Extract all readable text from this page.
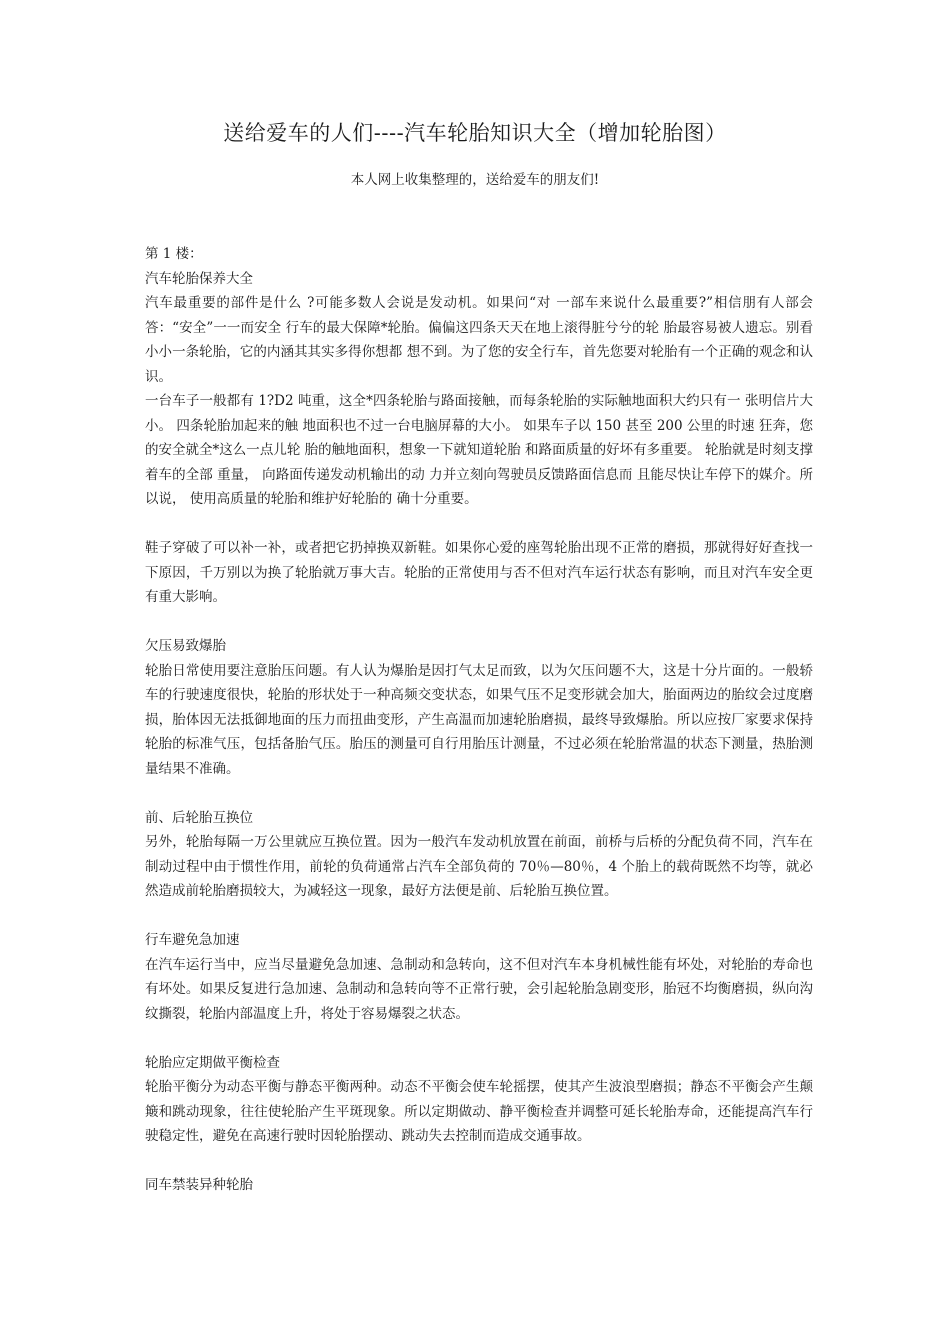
送给爱车的人们----汽车轮胎知识大全（增加轮胎图）
本人网上收集整理的，送给爱车的朋友们!

第 1 楼：

汽车轮胎保养大全

汽车最重要的部件是什么 ?可能多数人会说是发动机。如果问“对 一部车来说什么最重要?”相信朋有人部会答：“安全”一一而安全 行车的最大保障*轮胎。偏偏这四条天天在地上滚得脏兮兮的轮 胎最容易被人遗忘。别看小小一条轮胎，它的内涵其其实多得你想都 想不到。为了您的安全行车，首先您要对轮胎有一个正确的观念和认识。

一台车子一般都有 1?D2 吨重，这全*四条轮胎与路面接触，而每条轮胎的实际触地面积大约只有一 张明信片大小。 四条轮胎加起来的触 地面积也不过一台电脑屏幕的大小。 如果车子以 150 甚至 200 公里的时速 狂奔，您的安全就全*这么一点儿轮 胎的触地面积，想象一下就知道轮胎 和路面质量的好坏有多重要。 轮胎就是时刻支撑着车的全部 重量， 向路面传递发动机输出的动 力并立刻向驾驶员反馈路面信息而 且能尽快让车停下的媒介。所以说， 使用高质量的轮胎和维护好轮胎的 确十分重要。

鞋子穿破了可以补一补，或者把它扔掉换双新鞋。如果你心爱的座驾轮胎出现不正常的磨损，那就得好好查找一下原因，千万别以为换了轮胎就万事大吉。轮胎的正常使用与否不但对汽车运行状态有影响，而且对汽车安全更有重大影响。

欠压易致爆胎

轮胎日常使用要注意胎压问题。有人认为爆胎是因打气太足而致，以为欠压问题不大，这是十分片面的。一般轿车的行驶速度很快，轮胎的形状处于一种高频交变状态，如果气压不足变形就会加大，胎面两边的胎纹会过度磨损，胎体因无法抵御地面的压力而扭曲变形，产生高温而加速轮胎磨损，最终导致爆胎。所以应按厂家要求保持轮胎的标准气压，包括备胎气压。胎压的测量可自行用胎压计测量，不过必须在轮胎常温的状态下测量，热胎测量结果不准确。

前、后轮胎互换位

另外，轮胎每隔一万公里就应互换位置。因为一般汽车发动机放置在前面，前桥与后桥的分配负荷不同，汽车在制动过程中由于惯性作用，前轮的负荷通常占汽车全部负荷的 70％—80％，4 个胎上的载荷既然不均等，就必然造成前轮胎磨损较大，为减轻这一现象，最好方法便是前、后轮胎互换位置。

行车避免急加速

在汽车运行当中，应当尽量避免急加速、急制动和急转向，这不但对汽车本身机械性能有坏处，对轮胎的寿命也有坏处。如果反复进行急加速、急制动和急转向等不正常行驶，会引起轮胎急剧变形，胎冠不均衡磨损，纵向沟纹撕裂，轮胎内部温度上升，将处于容易爆裂之状态。

轮胎应定期做平衡检查

轮胎平衡分为动态平衡与静态平衡两种。动态不平衡会使车轮摇摆，使其产生波浪型磨损；静态不平衡会产生颠簸和跳动现象，往往使轮胎产生平斑现象。所以定期做动、静平衡检查并调整可延长轮胎寿命，还能提高汽车行驶稳定性，避免在高速行驶时因轮胎摆动、跳动失去控制而造成交通事故。

同车禁装异种轮胎
